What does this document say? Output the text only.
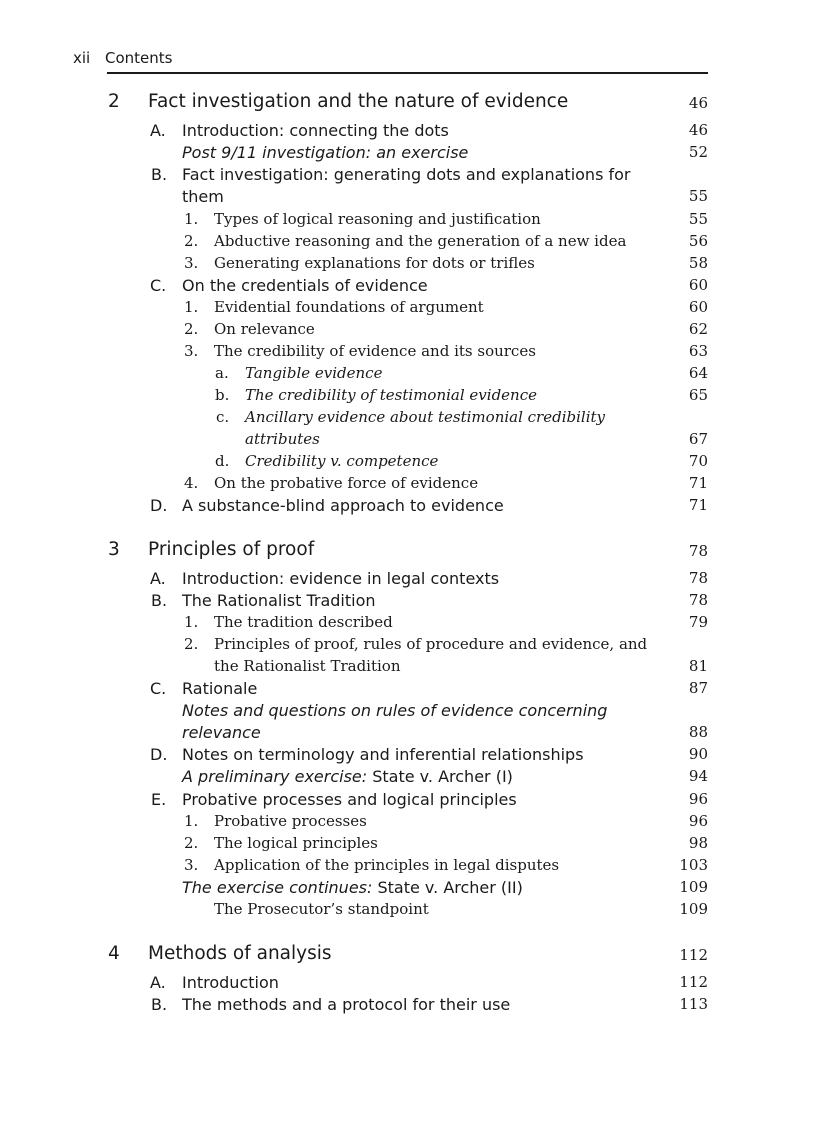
xii Contents
2 Fact investigation and the nature of evidence	46
A. Introduction: connecting the dots	46
Post 9/11 investigation: an exercise	52
B. Fact investigation: generating dots and explanations for
them	55
1. Types of logical reasoning and justification	55
2. Abductive reasoning and the generation of a new idea	56
3. Generating explanations for dots or trifles	58
C. On the credentials of evidence	60
1. Evidential foundations of argument	60
2. On relevance	62
3. The credibility of evidence and its sources	63
a. Tangible evidence	64
b. The credibility of testimonial evidence	65
c. Ancillary evidence about testimonial credibility
attributes	67
d. Credibility v. competence	70
4. On the probative force of evidence	71
D. A substance-blind approach to evidence	71
3 Principles of proof	78
A. Introduction: evidence in legal contexts	78
B. The Rationalist Tradition	78
1. The tradition described	79
2. Principles of proof, rules of procedure and evidence, and
the Rationalist Tradition	81
C. Rationale	87
Notes and questions on rules of evidence concerning
relevance	88
D. Notes on terminology and inferential relationships	90
A preliminary exercise: State v. Archer (I)	94
E. Probative processes and logical principles	96
1. Probative processes	96
2. The logical principles	98
3. Application of the principles in legal disputes	103
The exercise continues: State v. Archer (II)	109
The Prosecutor’s standpoint	109
4 Methods of analysis	112
A. Introduction	112
B. The methods and a protocol for their use	113
